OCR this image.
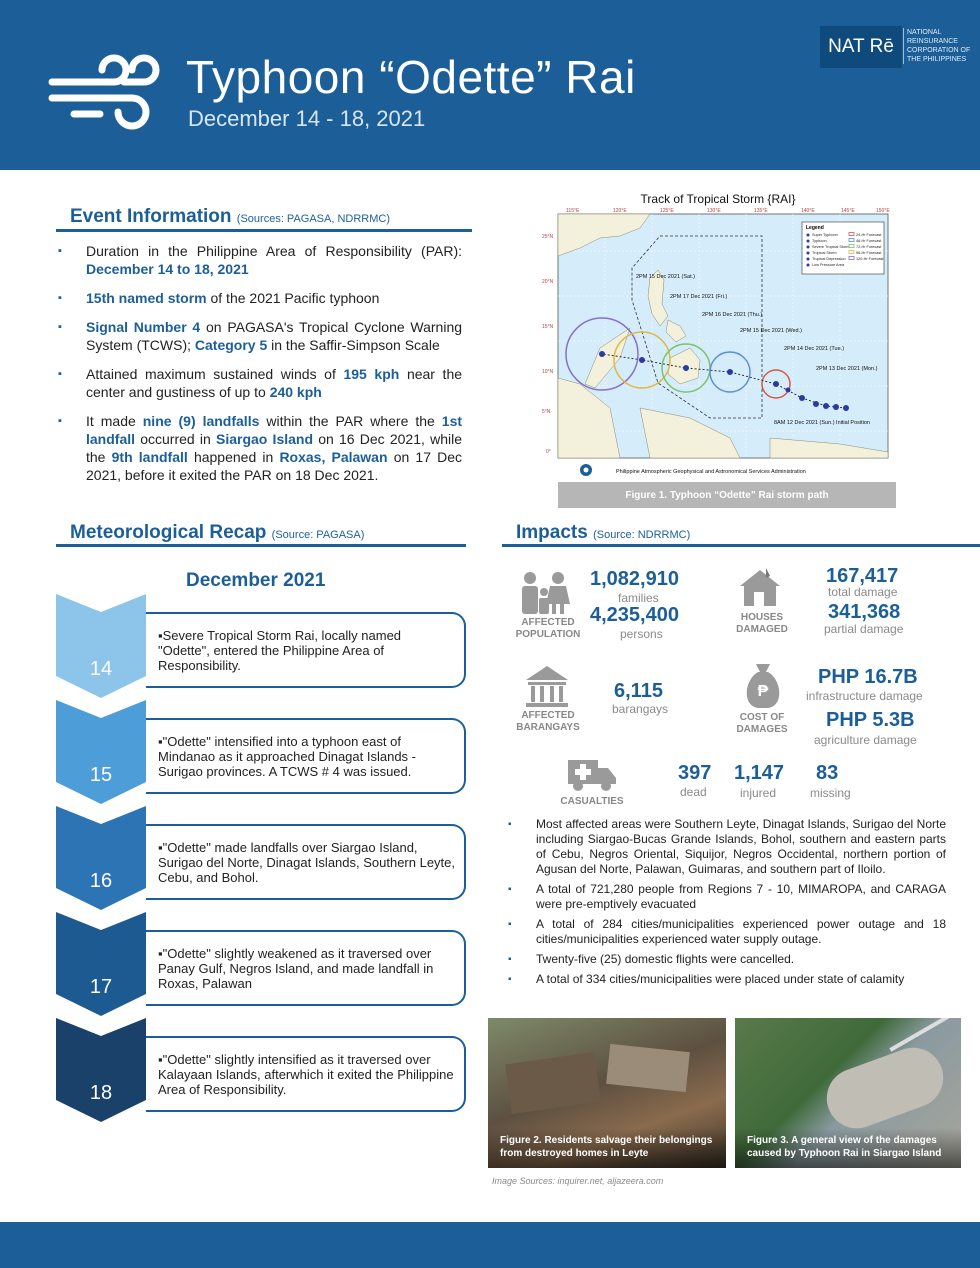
Typhoon “Odette” Rai
December 14 - 18, 2021
NAT Rē
NATIONAL REINSURANCE CORPORATION OF THE PHILIPPINES
Event Information (Sources: PAGASA, NDRRMC)
▪ Duration in the Philippine Area of Responsibility (PAR): December 14 to 18, 2021
▪ 15th named storm of the 2021 Pacific typhoon
▪ Signal Number 4 on PAGASA's Tropical Cyclone Warning System (TCWS); Category 5 in the Saffir-Simpson Scale
▪ Attained maximum sustained winds of 195 kph near the center and gustiness of up to 240 kph
▪ It made nine (9) landfalls within the PAR where the 1st landfall occurred in Siargao Island on 16 Dec 2021, while the 9th landfall happened in Roxas, Palawan on 17 Dec 2021, before it exited the PAR on 18 Dec 2021.
Track of Tropical Storm {RAI}
2PM 15 Dec 2021 (Sat.)
2PM 17 Dec 2021 (Fri.)
2PM 16 Dec 2021 (Thu.)
2PM 15 Dec 2021 (Wed.)
2PM 14 Dec 2021 (Tue.)
2PM 13 Dec 2021 (Mon.)
8AM 12 Dec 2021 (Sun.) Initial Position
Legend
Super Typhoon
Typhoon
Severe Tropical Storm
Tropical Storm
Tropical Depression
Low Pressure Area
24-Hr Forecast
48-Hr Forecast
72-Hr Forecast
96-Hr Forecast
120-Hr Forecast
115°E	120°E	125°E	130°E	135°E	140°E	145°E	150°E
25°N
20°N
15°N
10°N
5°N
0°
Philippine Atmospheric Geophysical and Astronomical Services Administration
Figure 1. Typhoon “Odette” Rai storm path
Meteorological Recap (Source: PAGASA)
December 2021
▪Severe Tropical Storm Rai, locally named "Odette", entered the Philippine Area of Responsibility.
14
▪"Odette" intensified into a typhoon east of Mindanao as it approached Dinagat Islands - Surigao provinces. A TCWS # 4 was issued.
15
▪"Odette" made landfalls over Siargao Island, Surigao del Norte, Dinagat Islands, Southern Leyte, Cebu, and Bohol.
16
▪"Odette" slightly weakened as it traversed over Panay Gulf, Negros Island, and made landfall in Roxas, Palawan
17
▪"Odette" slightly intensified as it traversed over Kalayaan Islands, afterwhich it exited the Philippine Area of Responsibility.
18
Impacts (Source: NDRRMC)
AFFECTED POPULATION
1,082,910
families
4,235,400
persons
HOUSES DAMAGED
167,417
total damage
341,368
partial damage
AFFECTED BARANGAYS
6,115
barangays
₱
COST OF DAMAGES
PHP 16.7B
infrastructure damage
PHP 5.3B
agriculture damage
CASUALTIES
397
dead
1,147
injured
83
missing
▪ Most affected areas were Southern Leyte, Dinagat Islands, Surigao del Norte including Siargao-Bucas Grande Islands, Bohol, southern and eastern parts of Cebu, Negros Oriental, Siquijor, Negros Occidental, northern portion of Agusan del Norte, Palawan, Guimaras, and southern part of Iloilo.
▪ A total of 721,280 people from Regions 7 - 10, MIMAROPA, and CARAGA were pre-emptively evacuated
▪ A total of 284 cities/municipalities experienced power outage and 18 cities/municipalities experienced water supply outage.
▪ Twenty-five (25) domestic flights were cancelled.
▪ A total of 334 cities/municipalities were placed under state of calamity
Figure 2. Residents salvage their belongings from destroyed homes in Leyte
Figure 3. A general view of the damages caused by Typhoon Rai in Siargao Island
Image Sources: inquirer.net, aljazeera.com
